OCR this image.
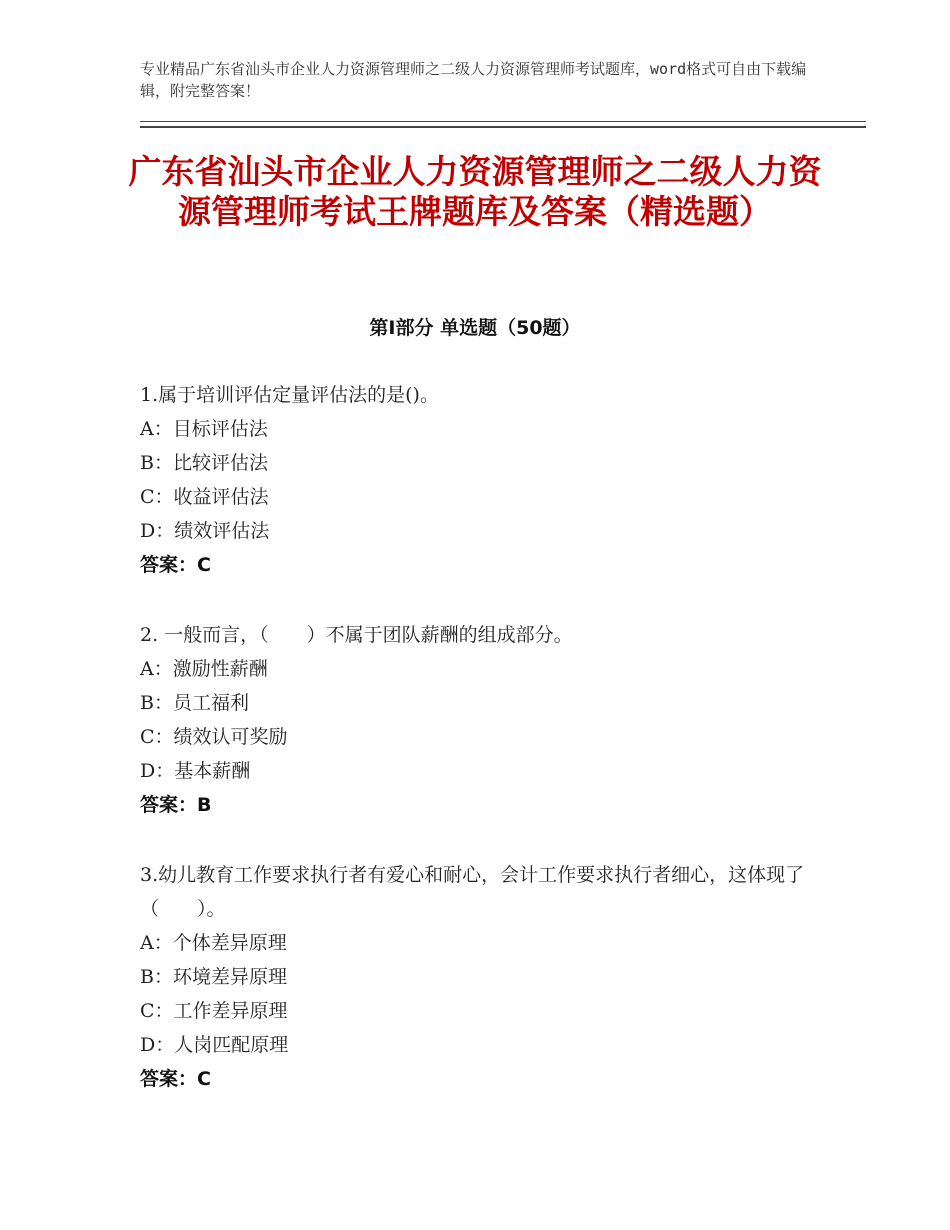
专业精品广东省汕头市企业人力资源管理师之二级人力资源管理师考试题库，word格式可自由下载编辑，附完整答案！
广东省汕头市企业人力资源管理师之二级人力资源管理师考试王牌题库及答案（精选题）
第Ⅰ部分 单选题（50题）
1.属于培训评估定量评估法的是()。
A：目标评估法
B：比较评估法
C：收益评估法
D：绩效评估法
答案：C
2. 一般而言，（　　）不属于团队薪酬的组成部分。
A：激励性薪酬
B：员工福利
C：绩效认可奖励
D：基本薪酬
答案：B
3.幼儿教育工作要求执行者有爱心和耐心，会计工作要求执行者细心，这体现了（　　）。
A：个体差异原理
B：环境差异原理
C：工作差异原理
D：人岗匹配原理
答案：C
